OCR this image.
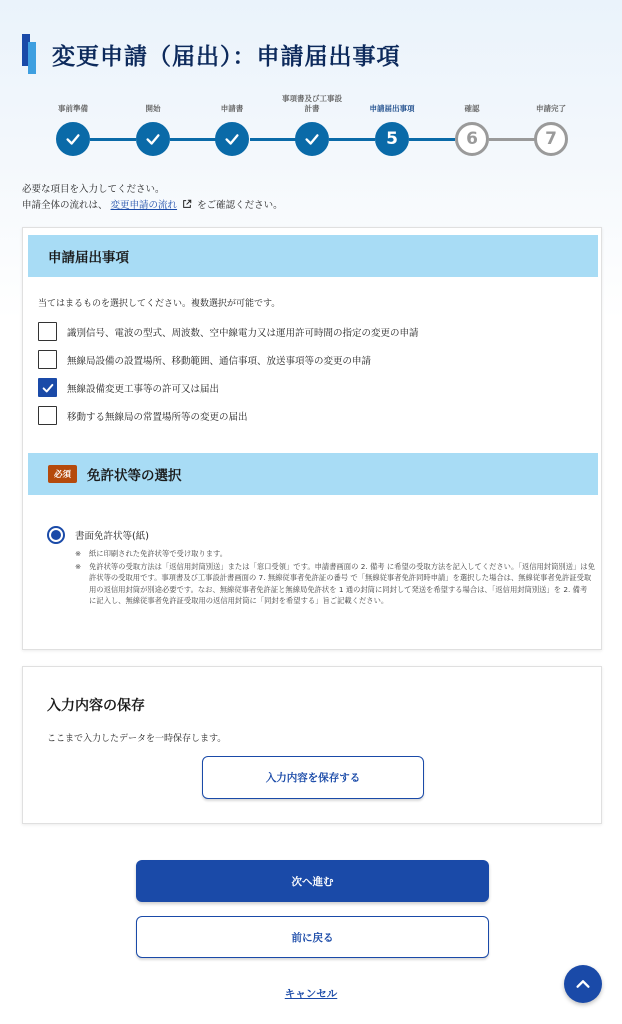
変更申請（届出）：申請届出事項
事前準備	開始	申請書
事項書及び工事設計書	申請届出事項	確認	申請完了
5	6	7
必要な項目を入力してください。
申請全体の流れは、 変更申請の流れ をご確認ください。
申請届出事項
当てはまるものを選択してください。複数選択が可能です。
識別信号、電波の型式、周波数、空中線電力又は運用許可時間の指定の変更の申請
無線局設備の設置場所、移動範囲、通信事項、放送事項等の変更の申請
無線設備変更工事等の許可又は届出
移動する無線局の常置場所等の変更の届出
必須	免許状等の選択
書面免許状等(紙)
※	紙に印刷された免許状等で受け取ります。
※	免許状等の受取方法は「返信用封筒別送」または「窓口受領」です。申請書画面の 2. 備考 に希望の受取方法を記入してください。「返信用封筒別送」は免許状等の受取用です。事項書及び工事設計書画面の 7. 無線従事者免許証の番号 で「無線従事者免許同時申請」を選択した場合は、無線従事者免許証受取用の返信用封筒が別途必要です。なお、無線従事者免許証と無線局免許状を 1 通の封筒に同封して発送を希望する場合は、「返信用封筒別送」を 2. 備考 に記入し、無線従事者免許証受取用の返信用封筒に「同封を希望する」旨ご記載ください。
入力内容の保存
ここまで入力したデータを一時保存します。
入力内容を保存する
次へ進む
前に戻る
キャンセル
